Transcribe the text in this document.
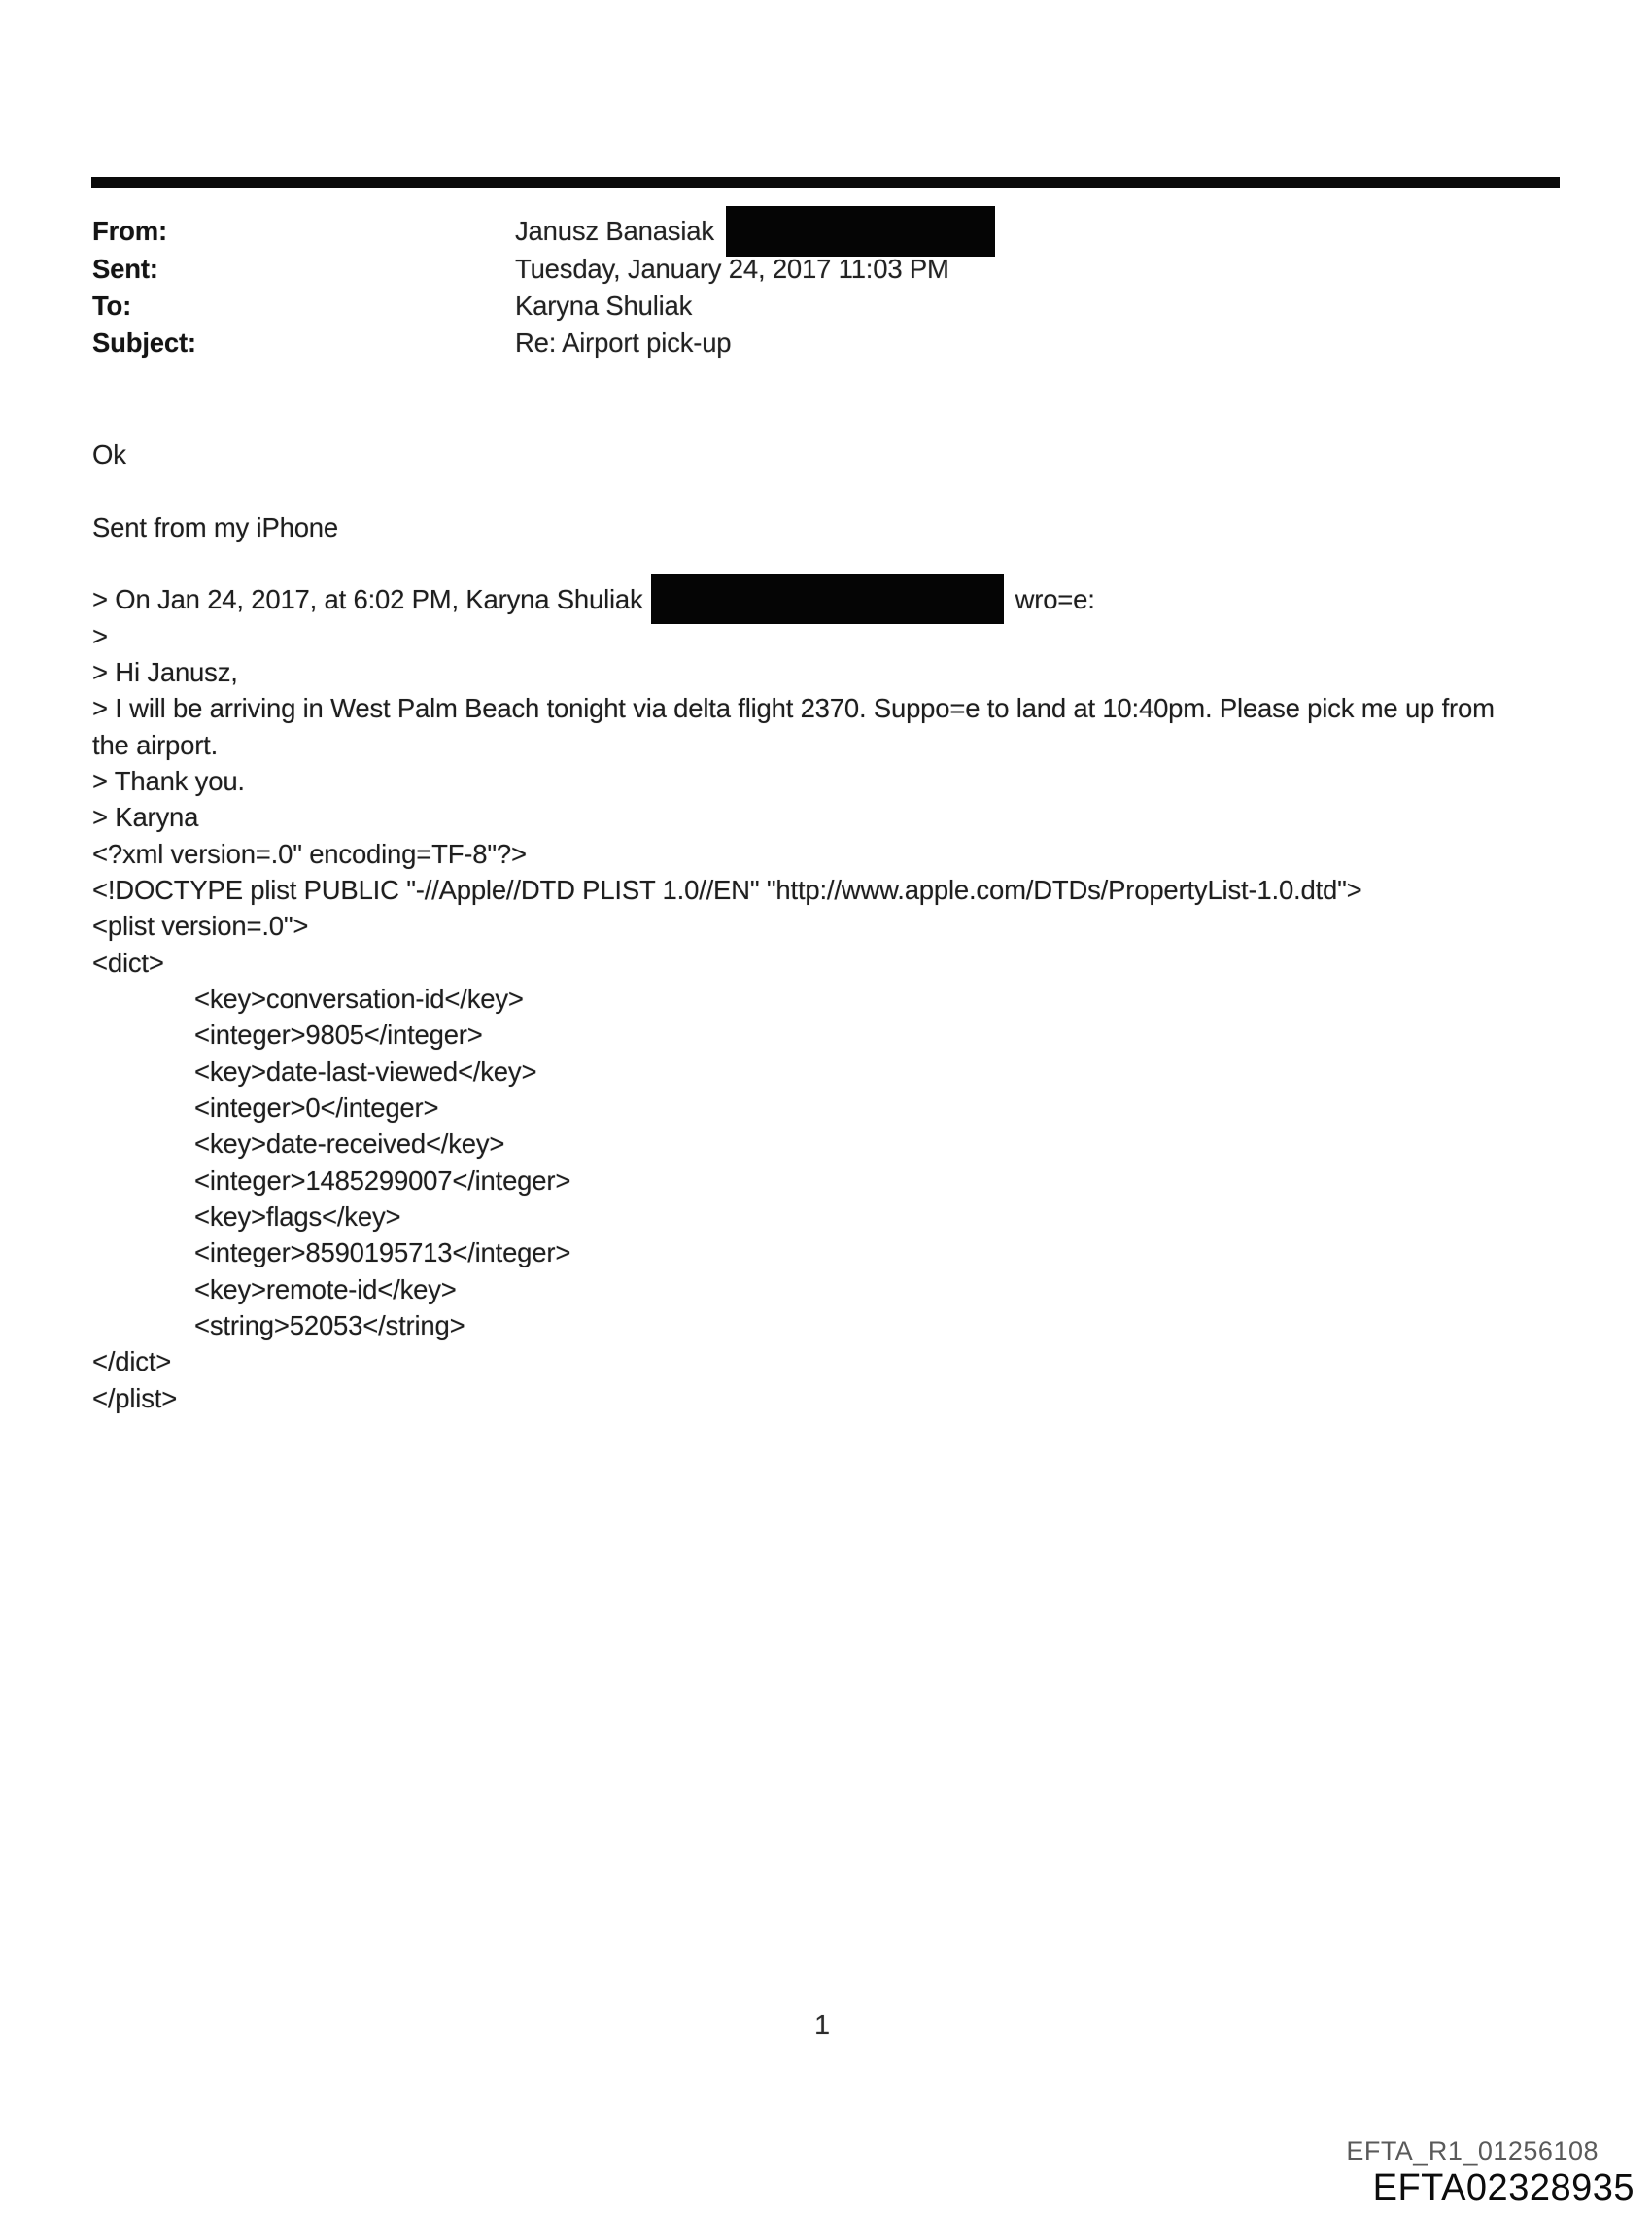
From:	Janusz Banasiak
Sent:	Tuesday, January 24, 2017 11:03 PM
To:	Karyna Shuliak
Subject:	Re: Airport pick-up
Ok

Sent from my iPhone

> On Jan 24, 2017, at 6:02 PM, Karyna Shuliak	wro=e:
>
> Hi Janusz,
> I will be arriving in West Palm Beach tonight via delta flight 2370. Suppo=e to land at 10:40pm. Please pick me up from
the airport.
> Thank you.
> Karyna
<?xml version=.0" encoding=TF-8"?>
<!DOCTYPE plist PUBLIC "-//Apple//DTD PLIST 1.0//EN" "http://www.apple.com/DTDs/PropertyList-1.0.dtd">
<plist version=.0">
<dict>
<key>conversation-id</key>
<integer>9805</integer>
<key>date-last-viewed</key>
<integer>0</integer>
<key>date-received</key>
<integer>1485299007</integer>
<key>flags</key>
<integer>8590195713</integer>
<key>remote-id</key>
<string>52053</string>
</dict>
</plist>
1
EFTA_R1_01256108
EFTA02328935
